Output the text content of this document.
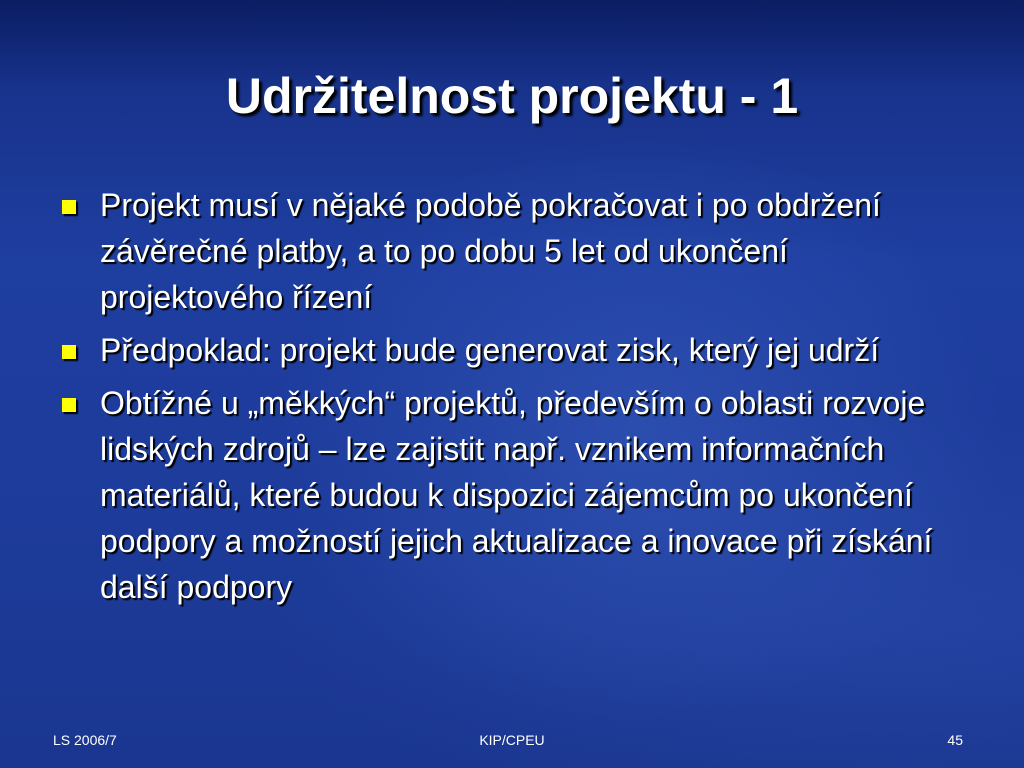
Udržitelnost projektu - 1
Projekt musí v nějaké podobě pokračovat i po obdržení závěrečné platby, a to po dobu 5 let od ukončení projektového řízení
Předpoklad: projekt bude generovat zisk, který jej udrží
Obtížné u „měkkých“ projektů, především o oblasti rozvoje lidských zdrojů – lze zajistit např. vznikem informačních materiálů, které budou k dispozici zájemcům po ukončení podpory a možností jejich aktualizace a inovace při získání další podpory
LS 2006/7	KIP/CPEU	45
